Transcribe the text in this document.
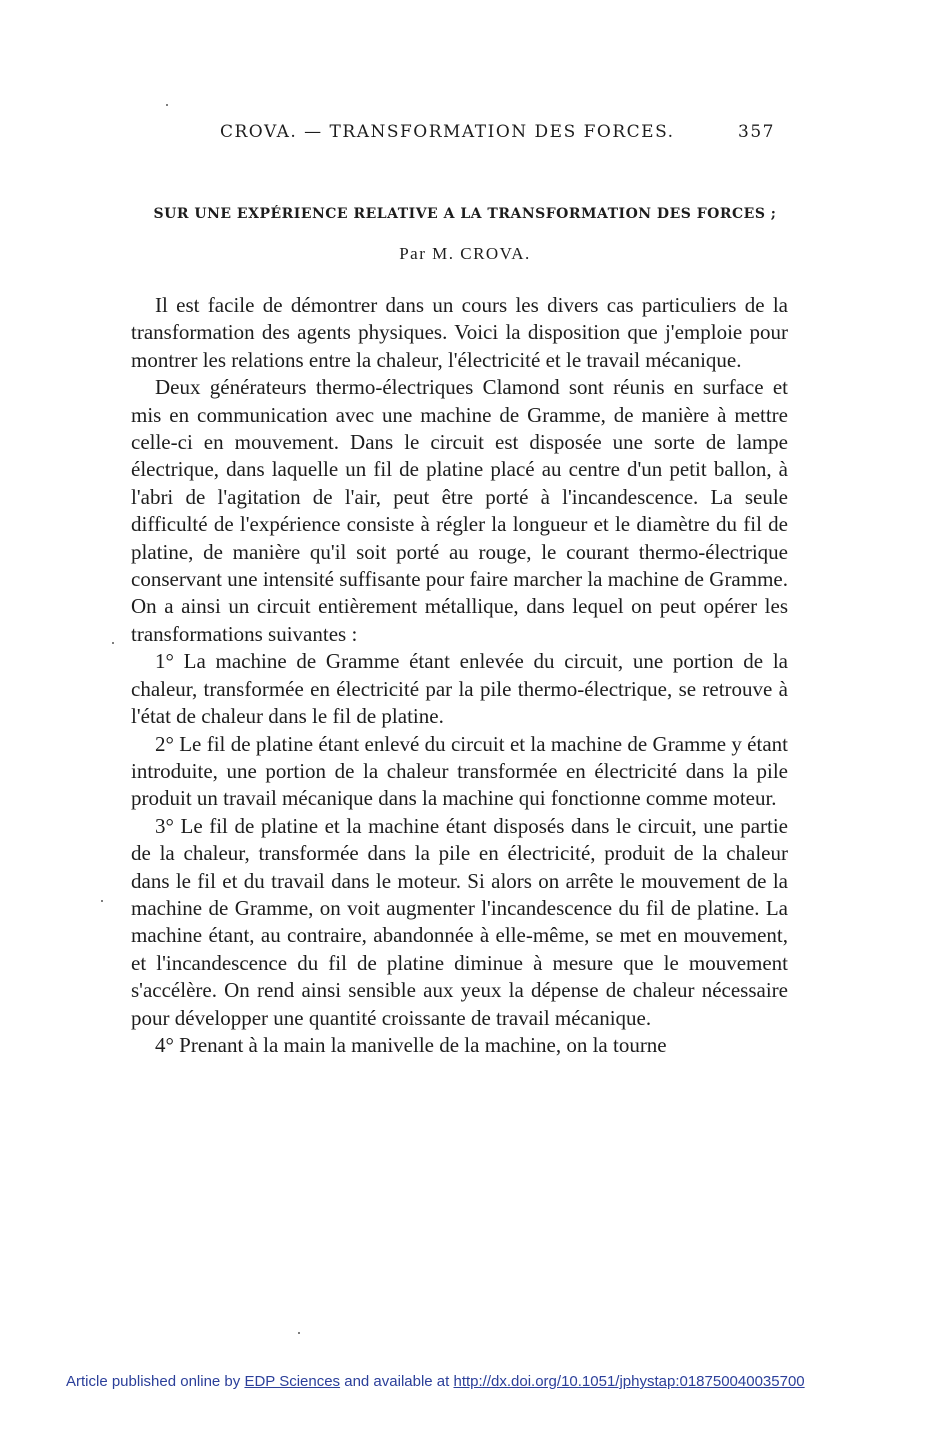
CROVA. — TRANSFORMATION DES FORCES.	357
SUR UNE EXPÉRIENCE RELATIVE A LA TRANSFORMATION DES FORCES ;
Par M. CROVA.

Il est facile de démontrer dans un cours les divers cas particuliers de la transformation des agents physiques. Voici la disposition que j'emploie pour montrer les relations entre la chaleur, l'électricité et le travail mécanique.

Deux générateurs thermo-électriques Clamond sont réunis en surface et mis en communication avec une machine de Gramme, de manière à mettre celle-ci en mouvement. Dans le circuit est disposée une sorte de lampe électrique, dans laquelle un fil de platine placé au centre d'un petit ballon, à l'abri de l'agitation de l'air, peut être porté à l'incandescence. La seule difficulté de l'expérience consiste à régler la longueur et le diamètre du fil de platine, de manière qu'il soit porté au rouge, le courant thermo-électrique conservant une intensité suffisante pour faire marcher la machine de Gramme. On a ainsi un circuit entièrement métallique, dans lequel on peut opérer les transformations suivantes :

1° La machine de Gramme étant enlevée du circuit, une portion de la chaleur, transformée en électricité par la pile thermo-électrique, se retrouve à l'état de chaleur dans le fil de platine.

2° Le fil de platine étant enlevé du circuit et la machine de Gramme y étant introduite, une portion de la chaleur transformée en électricité dans la pile produit un travail mécanique dans la machine qui fonctionne comme moteur.

3° Le fil de platine et la machine étant disposés dans le circuit, une partie de la chaleur, transformée dans la pile en électricité, produit de la chaleur dans le fil et du travail dans le moteur. Si alors on arrête le mouvement de la machine de Gramme, on voit augmenter l'incandescence du fil de platine. La machine étant, au contraire, abandonnée à elle-même, se met en mouvement, et l'incandescence du fil de platine diminue à mesure que le mouvement s'accélère. On rend ainsi sensible aux yeux la dépense de chaleur nécessaire pour développer une quantité croissante de travail mécanique.

4° Prenant à la main la manivelle de la machine, on la tourne

Article published online by EDP Sciences and available at http://dx.doi.org/10.1051/jphystap:018750040035700
